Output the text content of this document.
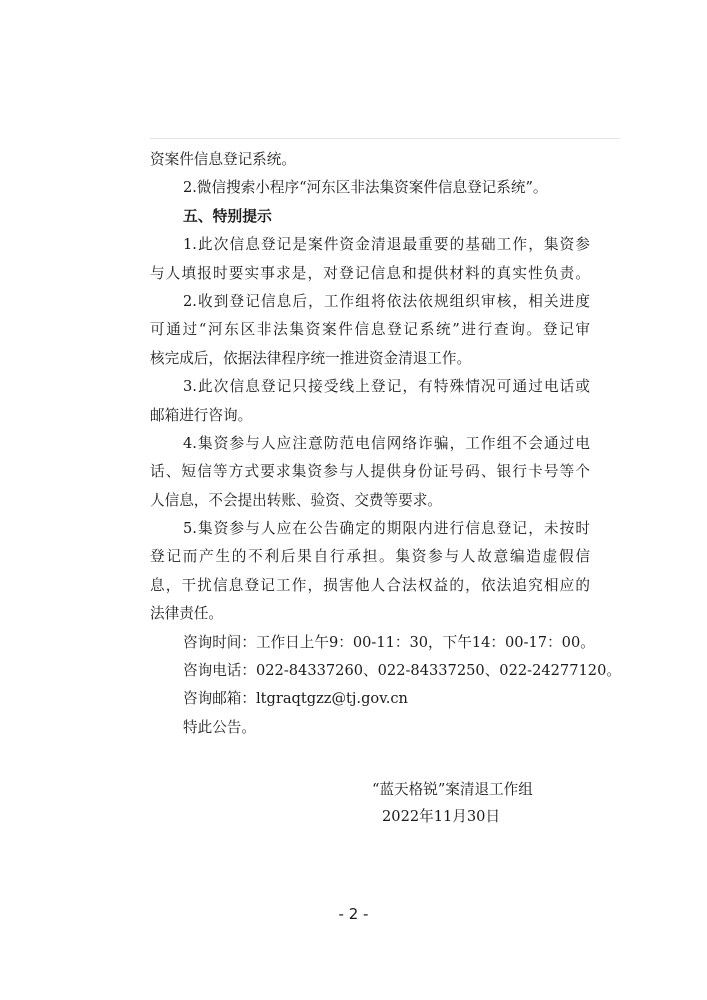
资案件信息登记系统。
2.微信搜索小程序“河东区非法集资案件信息登记系统”。
五、特别提示
1.此次信息登记是案件资金清退最重要的基础工作，集资参
与人填报时要实事求是，对登记信息和提供材料的真实性负责。
2.收到登记信息后，工作组将依法依规组织审核，相关进度
可通过“河东区非法集资案件信息登记系统”进行查询。登记审
核完成后，依据法律程序统一推进资金清退工作。
3.此次信息登记只接受线上登记，有特殊情况可通过电话或
邮箱进行咨询。
4.集资参与人应注意防范电信网络诈骗，工作组不会通过电
话、短信等方式要求集资参与人提供身份证号码、银行卡号等个
人信息，不会提出转账、验资、交费等要求。
5.集资参与人应在公告确定的期限内进行信息登记，未按时
登记而产生的不利后果自行承担。集资参与人故意编造虚假信
息，干扰信息登记工作，损害他人合法权益的，依法追究相应的
法律责任。
咨询时间：工作日上午9：00-11：30，下午14：00-17：00。
咨询电话：022-84337260、022-84337250、022-24277120。
咨询邮箱：ltgraqtgzz@tj.gov.cn
特此公告。
“蓝天格锐”案清退工作组
2022年11月30日
- 2 -
